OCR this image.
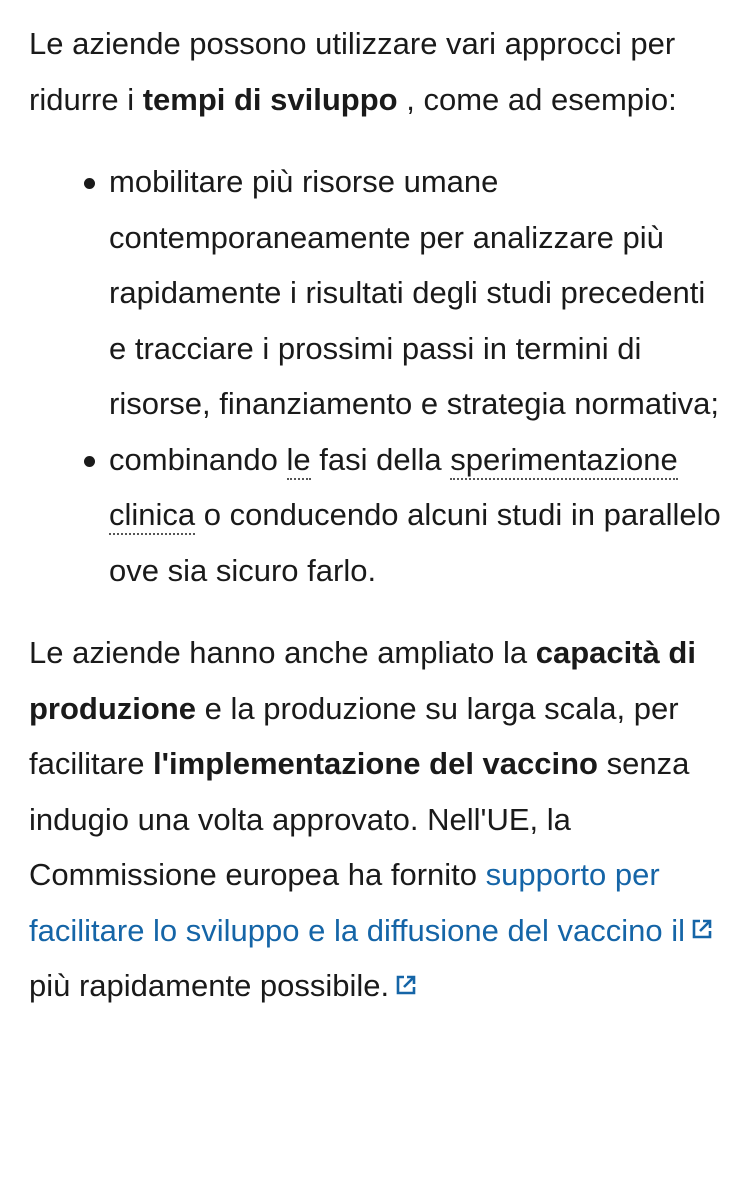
Le aziende possono utilizzare vari approcci per ridurre i tempi di sviluppo , come ad esempio:

mobilitare più risorse umane contemporaneamente per analizzare più rapidamente i risultati degli studi precedenti e tracciare i prossimi passi in termini di risorse, finanziamento e strategia normativa;
combinando le fasi della sperimentazione clinica o conducendo alcuni studi in parallelo ove sia sicuro farlo.

Le aziende hanno anche ampliato la capacità di produzione e la produzione su larga scala, per facilitare l'implementazione del vaccino senza indugio una volta approvato. Nell'UE, la Commissione europea ha fornito supporto per facilitare lo sviluppo e la diffusione del vaccino il più rapidamente possibile.
